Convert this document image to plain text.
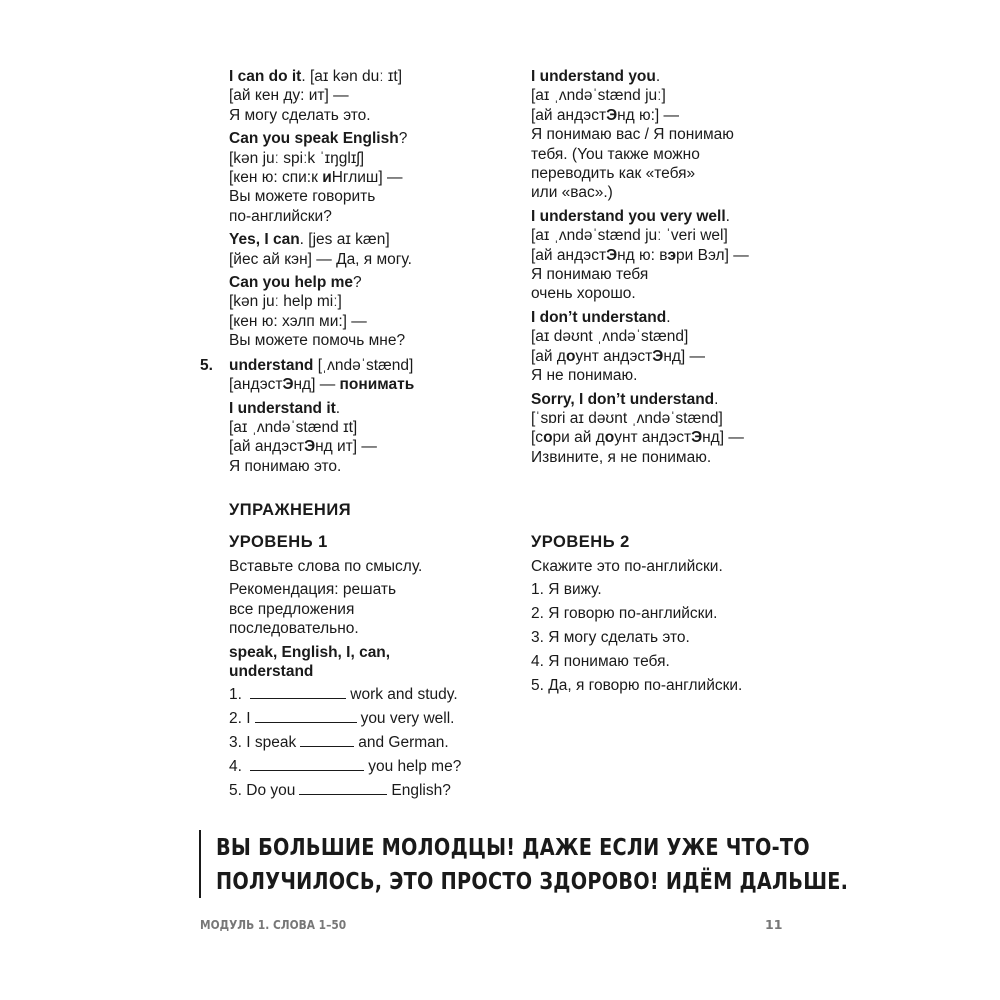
I can do it. [aɪ kən duː ɪt]
[ай кен ду: ит] —
Я могу сделать это.
Can you speak English?
[kən juː spiːk ˈɪŋglɪʃ]
[кен ю: спи:к иНглиш] —
Вы можете говорить
по-английски?
Yes, I can. [jes aɪ kæn]
[йес ай кэн] — Да, я могу.
Can you help me?
[kən juː help miː]
[кен ю: хэлп ми:] —
Вы можете помочь мне?
5. understand [ˌʌndəˈstænd]
[андэстЭнд] — понимать
I understand it.
[aɪ ˌʌndəˈstænd ɪt]
[ай андэстЭнд ит] —
Я понимаю это.
I understand you.
[aɪ ˌʌndəˈstænd juː]
[ай андэстЭнд ю:] —
Я понимаю вас / Я понимаю
тебя. (You также можно
переводить как «тебя»
или «вас».)
I understand you very well.
[aɪ ˌʌndəˈstænd juː ˈveri wel]
[ай андэстЭнд ю: вэри Вэл] —
Я понимаю тебя
очень хорошо.
I don’t understand.
[aɪ dəʊnt ˌʌndəˈstænd]
[ай доунт андэстЭнд] —
Я не понимаю.
Sorry, I don’t understand.
[ˈsɒri aɪ dəʊnt ˌʌndəˈstænd]
[сори ай доунт андэстЭнд] —
Извините, я не понимаю.
УПРАЖНЕНИЯ
УРОВЕНЬ 1	УРОВЕНЬ 2
Вставьте слова по смыслу.
Рекомендация: решать
все предложения
последовательно.
speak, English, I, can,
understand
1.	work and study.
2. I	you very well.
3. I speak	and German.
4.	you help me?
5. Do you	English?
Скажите это по-английски.
1. Я вижу.
2. Я говорю по-английски.
3. Я могу сделать это.
4. Я понимаю тебя.
5. Да, я говорю по-английски.
ВЫ БОЛЬШИЕ МОЛОДЦЫ! ДАЖЕ ЕСЛИ УЖЕ ЧТО-ТО
ПОЛУЧИЛОСЬ, ЭТО ПРОСТО ЗДОРОВО! ИДЁМ ДАЛЬШЕ.
МОДУЛЬ 1. СЛОВА 1–50	11
